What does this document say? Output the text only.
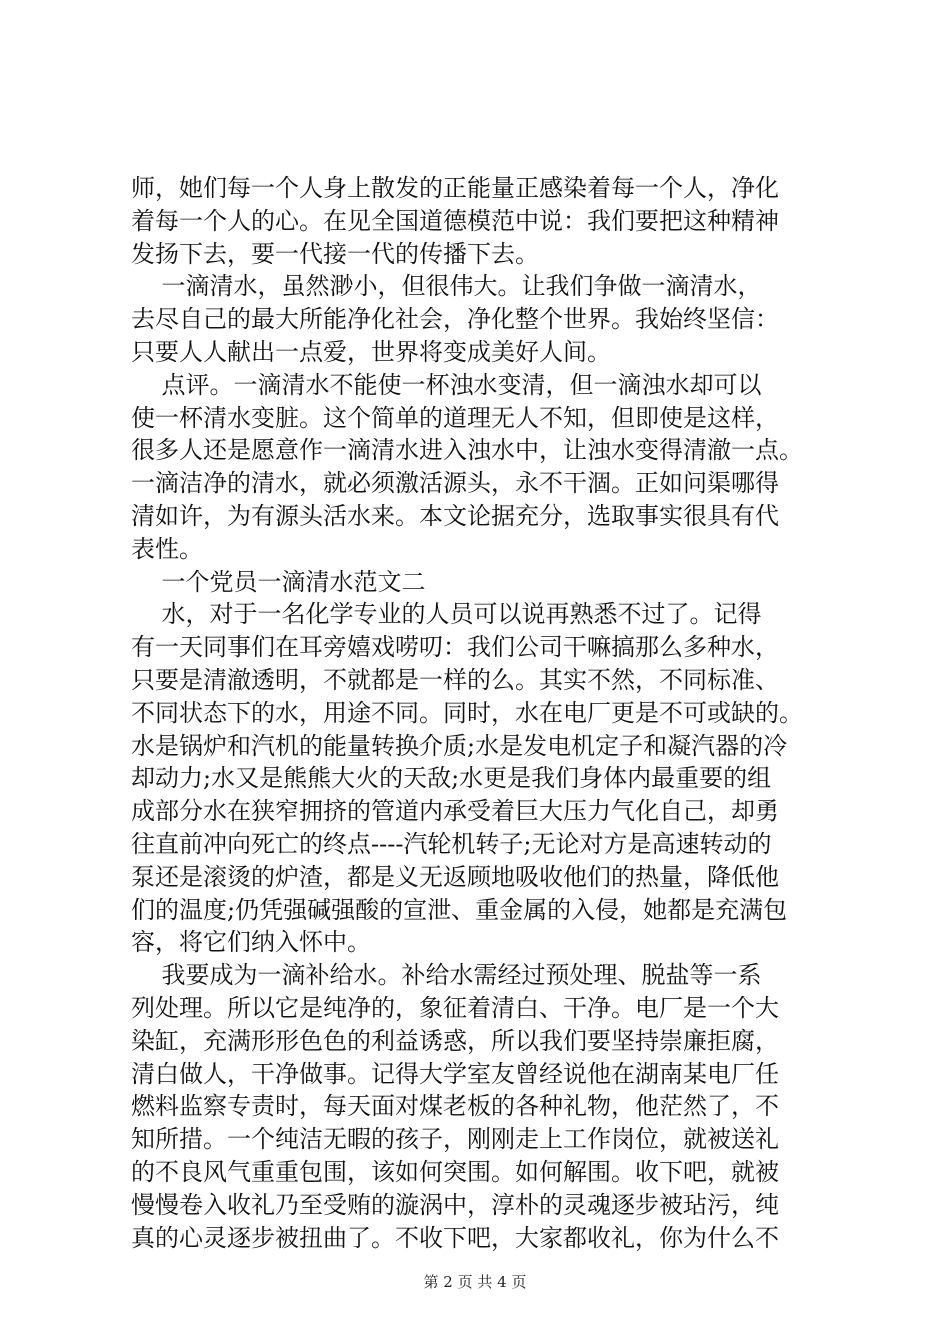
师，她们每一个人身上散发的正能量正感染着每一个人，净化
着每一个人的心。在见全国道德模范中说：我们要把这种精神
发扬下去，要一代接一代的传播下去。
一滴清水，虽然渺小，但很伟大。让我们争做一滴清水，
去尽自己的最大所能净化社会，净化整个世界。我始终坚信：
只要人人献出一点爱，世界将变成美好人间。
点评。一滴清水不能使一杯浊水变清，但一滴浊水却可以
使一杯清水变脏。这个简单的道理无人不知，但即使是这样，
很多人还是愿意作一滴清水进入浊水中，让浊水变得清澈一点。
一滴洁净的清水，就必须激活源头，永不干涸。正如问渠哪得
清如许，为有源头活水来。本文论据充分，选取事实很具有代
表性。
一个党员一滴清水范文二
水，对于一名化学专业的人员可以说再熟悉不过了。记得
有一天同事们在耳旁嬉戏唠叨：我们公司干嘛搞那么多种水，
只要是清澈透明，不就都是一样的么。其实不然，不同标准、
不同状态下的水，用途不同。同时，水在电厂更是不可或缺的。
水是锅炉和汽机的能量转换介质;水是发电机定子和凝汽器的冷
却动力;水又是熊熊大火的天敌;水更是我们身体内最重要的组
成部分水在狭窄拥挤的管道内承受着巨大压力气化自己，却勇
往直前冲向死亡的终点----汽轮机转子;无论对方是高速转动的
泵还是滚烫的炉渣，都是义无返顾地吸收他们的热量，降低他
们的温度;仍凭强碱强酸的宣泄、重金属的入侵，她都是充满包
容，将它们纳入怀中。
我要成为一滴补给水。补给水需经过预处理、脱盐等一系
列处理。所以它是纯净的，象征着清白、干净。电厂是一个大
染缸，充满形形色色的利益诱惑，所以我们要坚持崇廉拒腐，
清白做人，干净做事。记得大学室友曾经说他在湖南某电厂任
燃料监察专责时，每天面对煤老板的各种礼物，他茫然了，不
知所措。一个纯洁无暇的孩子，刚刚走上工作岗位，就被送礼
的不良风气重重包围，该如何突围。如何解围。收下吧，就被
慢慢卷入收礼乃至受贿的漩涡中，淳朴的灵魂逐步被玷污，纯
真的心灵逐步被扭曲了。不收下吧，大家都收礼，你为什么不
第 2 页 共 4 页
